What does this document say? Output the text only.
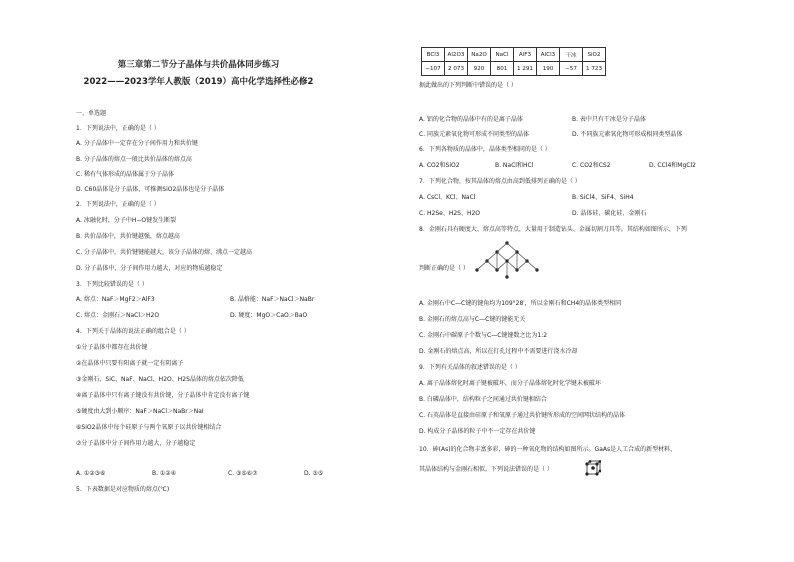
第三章第二节分子晶体与共价晶体同步练习
2022——2023学年人教版（2019）高中化学选择性必修2
一、单选题
1．下列说法中，正确的是（ ）
A. 分子晶体中一定存在分子间作用力和共价键
B. 分子晶体的熔点一般比共价晶体的熔点高
C. 稀有气体形成的晶体属于分子晶体
D. C60晶体是分子晶体，可推测SiO2晶体也是分子晶体
2．下列说法中，正确的是（ ）
A. 冰融化时，分子中H−O键发生断裂
B. 共价晶体中，共价键越强，熔点越高
C. 分子晶体中，共价键键能越大，该分子晶体的熔、沸点一定越高
D. 分子晶体中，分子间作用力越大，对应的物质越稳定
3．下列比较错误的是（ ）
A. 熔点：NaF＞MgF2＞AlF3	B. 晶格能：NaF＞NaCl＞NaBr
C. 熔点：金刚石＞NaCl＞H2O	D. 硬度：MgO＞CaO＞BaO
4．下列关于晶体的说法正确的组合是（ ）
①分子晶体中都存在共价键
②在晶体中只要有阳离子就一定有阴离子
③金刚石、SiC、NaF、NaCl、H2O、H2S晶体的熔点依次降低
④离子晶体中只有离子键没有共价键，分子晶体中肯定没有离子键
⑤硬度由大到小顺序：NaF＞NaCl＞NaBr＞NaI
⑥SiO2晶体中每个硅原子与两个氧原子以共价键相结合
⑦分子晶体中分子间作用力越大，分子越稳定
A. ①②③⑥	B. ①②④	C. ③⑤⑥⑦	D. ③⑤
5．下表数据是对应物质的熔点(℃)
BCl3	Al2O3	Na2O	NaCl	AlF3	AlCl3	干冰	SiO2
−107	2 073	920	801	1 291	190	−57	1 723
据此做出的下列判断中错误的是（ ）
A. 铝的化合物的晶体中有的是离子晶体	B. 表中只有干冰是分子晶体
C. 同族元素氧化物可形成不同类型的晶体	D. 不同族元素氧化物可形成相同类型晶体
6．下列各物质的晶体中，晶体类型相同的是（ ）
A. CO2和SiO2	B. NaCl和HCl	C. CO2和CS2	D. CCl4和MgCl2
7．下列化合物，按其晶体的熔点由高到低排列正确的是（ ）
A. CsCl、KCl、NaCl	B. SiCl4、SiF4、SiH4
C. H2Se、H2S、H2O	D. 晶体硅、碳化硅、金刚石
8．金刚石具有硬度大、熔点高等特点，大量用于制造钻头、金属切割刀具等。其结构如图所示，下列
判断正确的是（ ）
A. 金刚石中C—C键的键角均为109°28′，所以金刚石和CH4的晶体类型相同
B. 金刚石的熔点高与C—C键的键能无关
C. 金刚石中碳原子个数与C—C键键数之比为1:2
D. 金刚石的熔点高，所以在打孔过程中不需要进行浇水冷却
9．下列有关晶体的叙述错误的是（ ）
A. 离子晶体熔化时离子键被破坏，而分子晶体熔化时化学键未被破坏
B. 白磷晶体中，结构粒子之间通过共价键相结合
C. 石英晶体是直接由硅原子和氧原子通过共价键所形成的空间网状结构的晶体
D. 构成分子晶体的粒子中不一定存在共价键
10．砷(As)的化合物丰富多彩，砷的一种氧化物的结构如图所示。GaAs是人工合成的新型材料，
其晶体结构与金刚石相似。下列说法错误的是（ ）
